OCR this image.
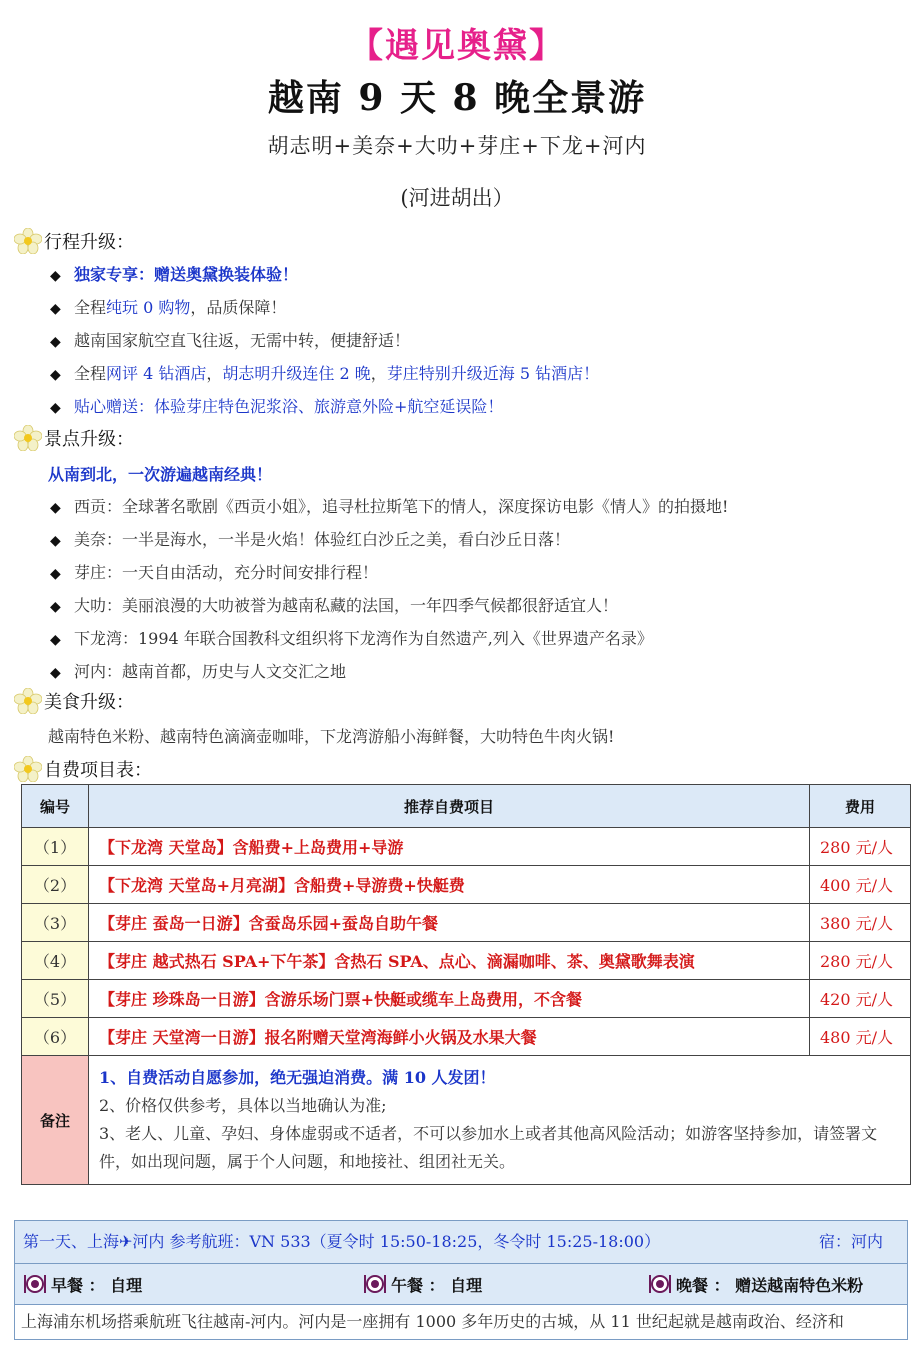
【遇见奥黛】
越南 9 天 8 晚全景游
胡志明+美奈+大叻+芽庄+下龙+河内
(河进胡出）
行程升级：
◆ 独家专享：赠送奥黛换装体验！
◆ 全程纯玩 0 购物，品质保障！
◆ 越南国家航空直飞往返，无需中转，便捷舒适！
◆ 全程网评 4 钻酒店，胡志明升级连住 2 晚，芽庄特别升级近海 5 钻酒店！
◆ 贴心赠送：体验芽庄特色泥浆浴、旅游意外险+航空延误险！
景点升级：
从南到北，一次游遍越南经典！
◆ 西贡：全球著名歌剧《西贡小姐》，追寻杜拉斯笔下的情人，深度探访电影《情人》的拍摄地!
◆ 美奈：一半是海水，一半是火焰！体验红白沙丘之美，看白沙丘日落！
◆ 芽庄：一天自由活动，充分时间安排行程！
◆ 大叻：美丽浪漫的大叻被誉为越南私藏的法国，一年四季气候都很舒适宜人！
◆ 下龙湾：1994 年联合国教科文组织将下龙湾作为自然遗产,列入《世界遗产名录》
◆ 河内：越南首都，历史与人文交汇之地
美食升级：
越南特色米粉、越南特色滴滴壶咖啡，下龙湾游船小海鲜餐，大叻特色牛肉火锅!
自费项目表：
编号	推荐自费项目	费用
（1）	【下龙湾 天堂岛】含船费+上岛费用+导游	280 元/人
（2）	【下龙湾 天堂岛+月亮湖】含船费+导游费+快艇费	400 元/人
（3）	【芽庄 蚕岛一日游】含蚕岛乐园+蚕岛自助午餐	380 元/人
（4）	【芽庄 越式热石 SPA+下午茶】含热石 SPA、点心、滴漏咖啡、茶、奥黛歌舞表演	280 元/人
（5）	【芽庄 珍珠岛一日游】含游乐场门票+快艇或缆车上岛费用，不含餐	420 元/人
（6）	【芽庄 天堂湾一日游】报名附赠天堂湾海鲜小火锅及水果大餐	480 元/人
备注	1、自费活动自愿参加，绝无强迫消费。满 10 人发团！
2、价格仅供参考，具体以当地确认为准;
3、老人、儿童、孕妇、身体虚弱或不适者，不可以参加水上或者其他高风险活动；如游客坚持参加，请签署文件，如出现问题，属于个人问题，和地接社、组团社无关。	
第一天、上海✈河内 参考航班：VN 533（夏令时 15:50-18:25，冬令时 15:25-18:00）	宿：河内
早餐 ： 自理	午餐 ： 自理	晚餐 ： 赠送越南特色米粉
上海浦东机场搭乘航班飞往越南-河内。河内是一座拥有 1000 多年历史的古城，从 11 世纪起就是越南政治、经济和
